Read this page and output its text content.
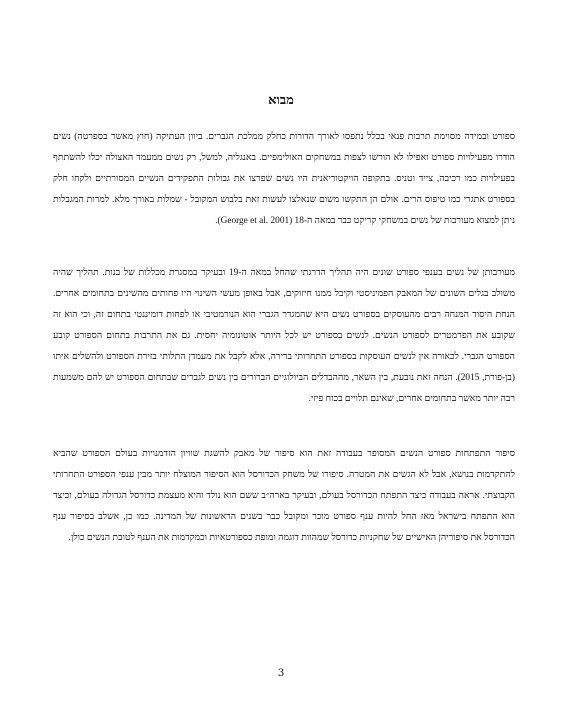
מבוא

ספורט ובמידה מסוימת תרבות פנאי בכלל נתפסו לאורך הדורות כחלק ממלכת הגברים. ביוון העתיקה (חוץ מאשר בספרטה) נשים הודרו מפעילויות ספורט ואפילו לא הורשו לצפות במשחקים האולימפיים. באנגליה, למשל, רק נשים ממעמד האצולה יכלו להשתתף בפעילויות כמו רכיבה, צייד וטניס. בתקופה הויקטוריאנית היו נשים שפרצו את גבולות התפקידים הנשיים המסורתיים ולקחו חלק בספורט אתגרי כמו טיפוס הרים. אולם הן התקשו משום שנאלצו לעשות זאת בלבוש המקובל - שמלות באורך מלא. למרות המגבלות ניתן למצוא מעורבות של נשים במשחקי קריקט כבר במאה ה-18 (George et al. 2001).

מעורבותן של נשים בענפי ספורט שונים היה תהליך הדרגתי שהחל במאה ה-19 ובעיקר במסגרת מכללות של בנות. תהליך שהיה משולב בגלים השונים של המאבק הפמיניסטי וקיבל ממנו חיזוקים, אבל באופן מעשי השינוי היו פחותים מהשינים בתחומים אחרים. הנחת היסוד המנחה רבים מהעוסקים בספורט נשים היא שהמגדר הגברי הוא הנורמטיבי או לפחות דומיננטי בתחום זה, וכי הוא זה שקובע את הפרמטרים לספורט הנשים. לנשים בספורט יש לכל היותר אוטונומיה יחסית. גם את התרבות בתחום הספורט קובע הספורט הגברי. לכאורה אין לנשים העוסקות בספורט התחרותי ברירה, אלא לקבל את מעמדן התלותי בזירת הספורט ולהשלים איתו (בן-פורת, 2015). הנחה זאת נובעת, בין השאר, מההבדלים הביולוגיים הברורים בין נשים לגברים שבתחום הספורט יש להם משמעות רבה יותר מאשר בתחומים אחרים, שאינם תלויים בכוח פיזי.

סיפור התפתחות ספורט הנשים המסופר בעבודה זאת הוא סיפור של מאבק להשגת שוויון הזדמנויות בעולם הספורט שהביא להתקדמות בנושא, אבל לא הגשים את המטרה. סיפורו של משחק הכדורסל הוא הסיפור המוצלח יותר מבין ענפי הספורט התחרותי הקבוצתי. אראה בעבודה כיצד התפתח הכדורסל בעולם, ובעיקר בארה״ב ששם הוא נולד והיא מעצמת כדורסל הגדולה בעולם, וכיצד הוא התפתח בישראל מאז החל להיות ענף ספורט מוכר ומקובל כבר בשנים הראשונות של המדינה. כמו כן, אשלב בסיפור ענף הכדורסל את סיפוריהן האישיים של שחקניות כדורסל שמהוות דוגמה ומופת כספורטאיות וכמקדמות את הענף לטובת הנשים כולן.

3
